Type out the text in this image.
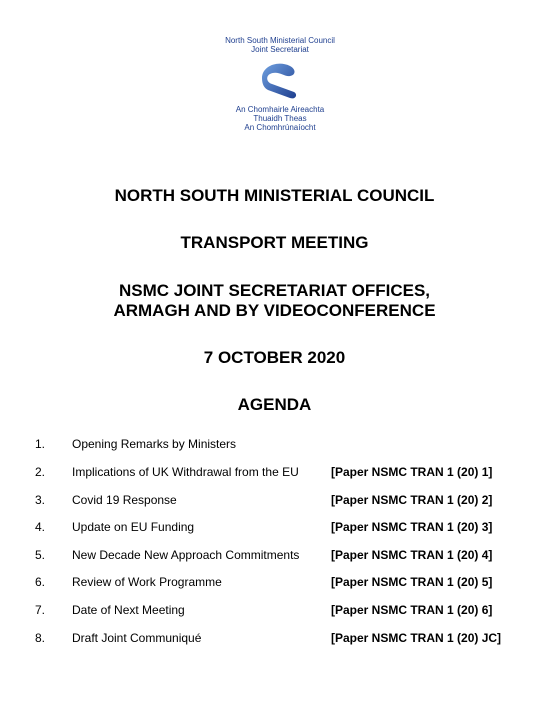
North South Ministerial Council
Joint Secretariat
An Chomhairle Aireachta
Thuaidh Theas
An Chomhrúnaíocht
NORTH SOUTH MINISTERIAL COUNCIL
TRANSPORT MEETING
NSMC JOINT SECRETARIAT OFFICES,
ARMAGH AND BY VIDEOCONFERENCE
7 OCTOBER 2020
AGENDA
1. Opening Remarks by Ministers
2. Implications of UK Withdrawal from the EU	[Paper NSMC TRAN 1 (20) 1]
3. Covid 19 Response	[Paper NSMC TRAN 1 (20) 2]
4. Update on EU Funding	[Paper NSMC TRAN 1 (20) 3]
5. New Decade New Approach Commitments	[Paper NSMC TRAN 1 (20) 4]
6. Review of Work Programme	[Paper NSMC TRAN 1 (20) 5]
7. Date of Next Meeting	[Paper NSMC TRAN 1 (20) 6]
8. Draft Joint Communiqué	[Paper NSMC TRAN 1 (20) JC]
